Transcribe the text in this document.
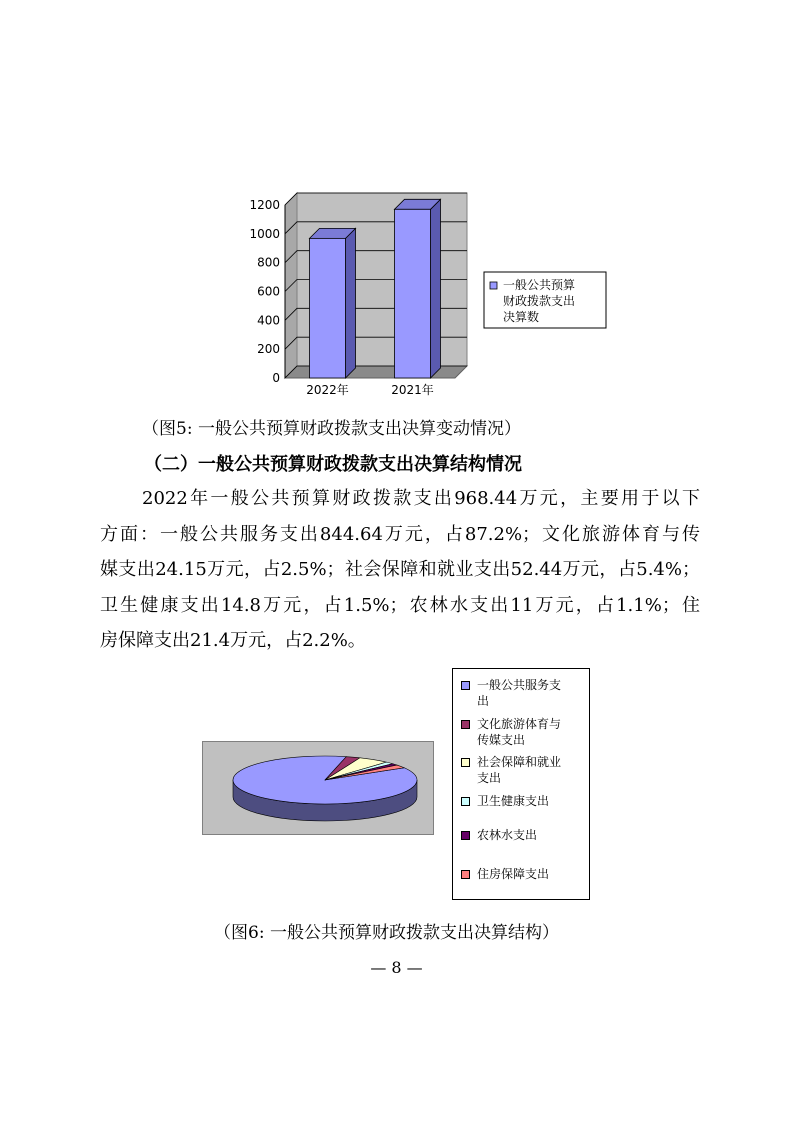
0
200
400
600
800
1000
1200
2022年	2021年
一般公共预算
财政拨款支出
决算数
（图5: 一般公共预算财政拨款支出决算变动情况）
（二）一般公共预算财政拨款支出决算结构情况
2022年一般公共预算财政拨款支出968.44万元，主要用于以下
方面：一般公共服务支出844.64万元，占87.2%；文化旅游体育与传
媒支出24.15万元，占2.5%；社会保障和就业支出52.44万元，占5.4%；
卫生健康支出14.8万元，占1.5%；农林水支出11万元，占1.1%；住
房保障支出21.4万元，占2.2%。
一般公共服务支
出
文化旅游体育与
传媒支出
社会保障和就业
支出
卫生健康支出
农林水支出
住房保障支出
（图6: 一般公共预算财政拨款支出决算结构）
— 8 —
